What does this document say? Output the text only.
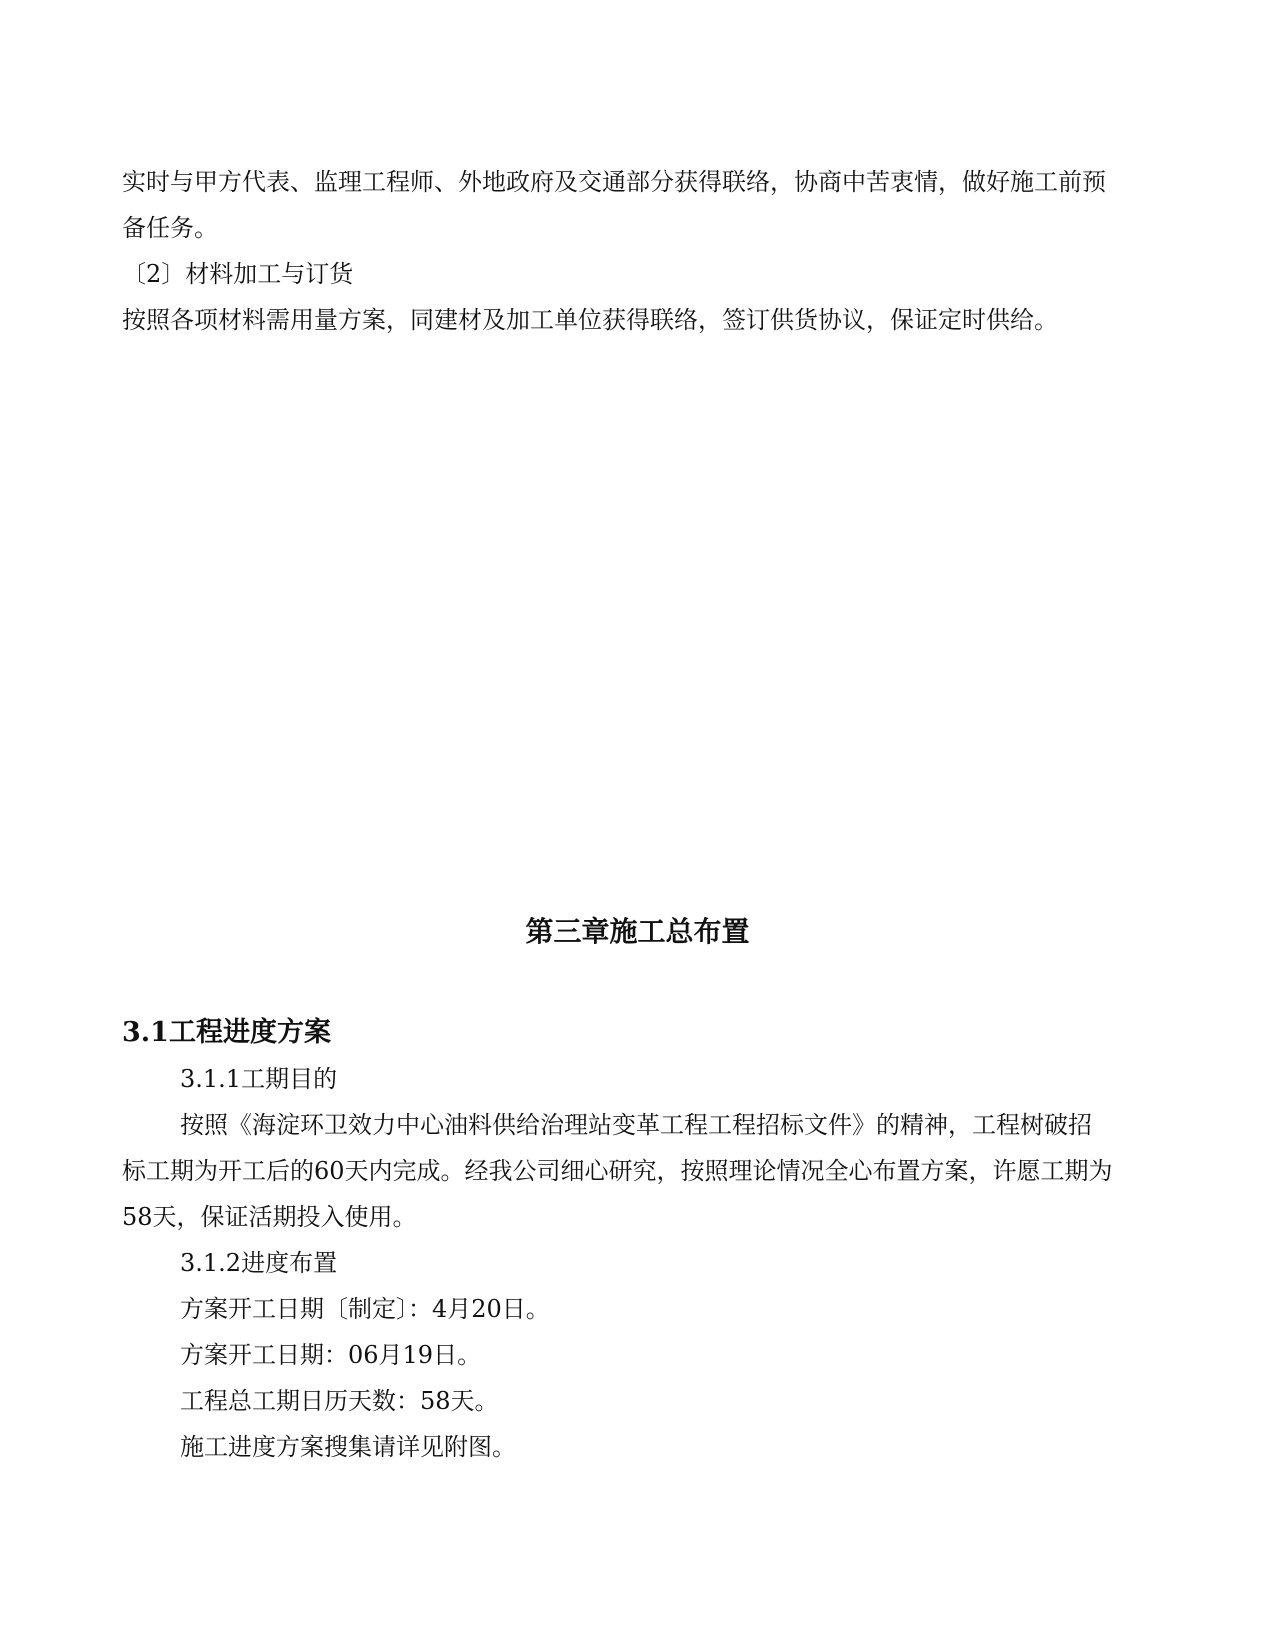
实时与甲方代表、监理工程师、外地政府及交通部分获得联络，协商中苦衷情，做好施工前预
备任务。
〔2〕材料加工与订货
按照各项材料需用量方案，同建材及加工单位获得联络，签订供货协议，保证定时供给。
第三章施工总布置
3.1工程进度方案
3.1.1工期目的
按照《海淀环卫效力中心油料供给治理站变革工程工程招标文件》的精神，工程树破招
标工期为开工后的60天内完成。经我公司细心研究，按照理论情况全心布置方案，许愿工期为
58天，保证活期投入使用。
3.1.2进度布置
方案开工日期〔制定〕：4月20日。
方案开工日期：06月19日。
工程总工期日历天数：58天。
施工进度方案搜集请详见附图。
